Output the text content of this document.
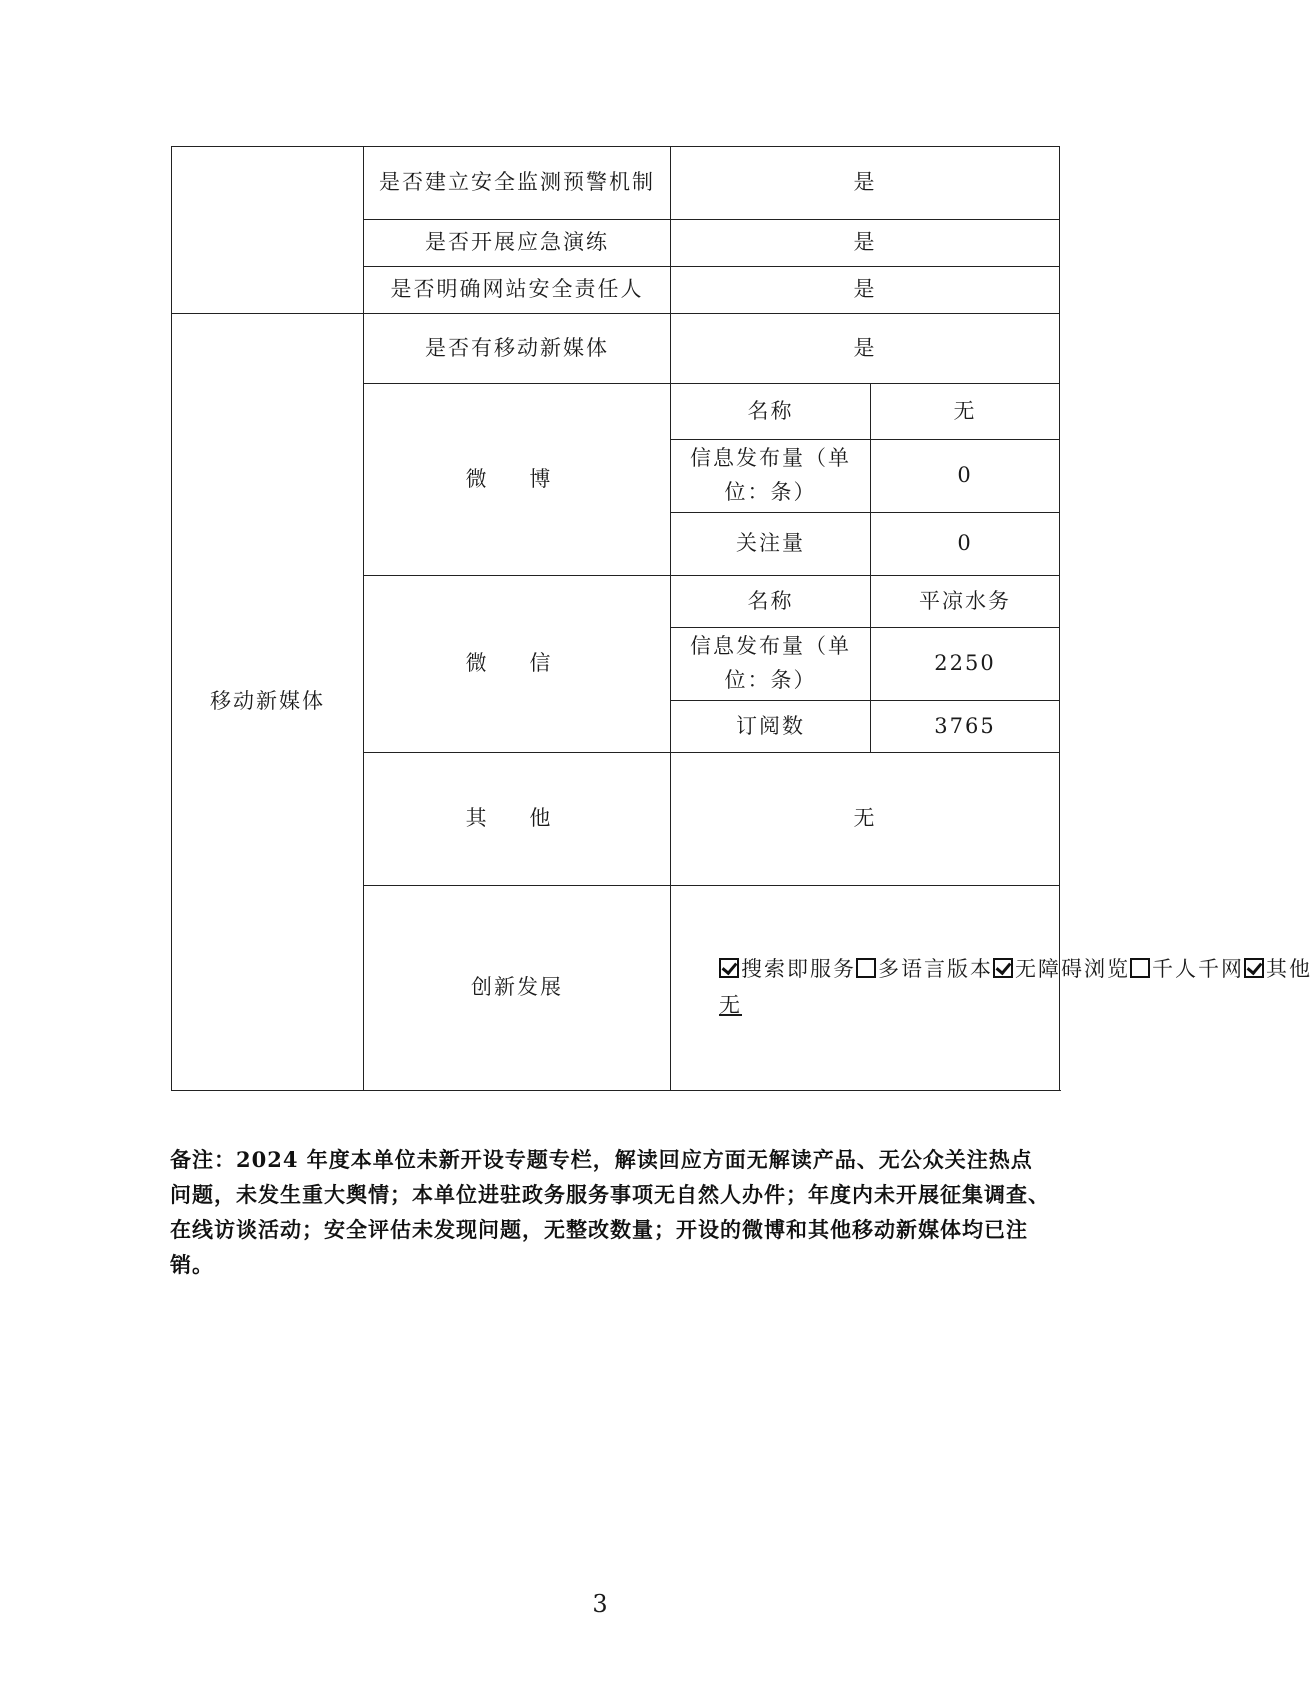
	是否建立安全监测预警机制	是	
	是否开展应急演练	是	
	是否明确网站安全责任人	是	
移动新媒体	是否有移动新媒体	是	
	微 博	名称	无
		信息发布量（单位：条）	0
		关注量	0
	微 信	名称	平凉水务
		信息发布量（单位：条）	2250
		订阅数	3765
	其 他	无	
	创新发展	搜索即服务 多语言版本 无障碍浏览 千人千网 其他
无	
备注：2024 年度本单位未新开设专题专栏，解读回应方面无解读产品、无公众关注热点问题，未发生重大舆情；本单位进驻政务服务事项无自然人办件；年度内未开展征集调查、在线访谈活动；安全评估未发现问题，无整改数量；开设的微博和其他移动新媒体均已注销。
3
